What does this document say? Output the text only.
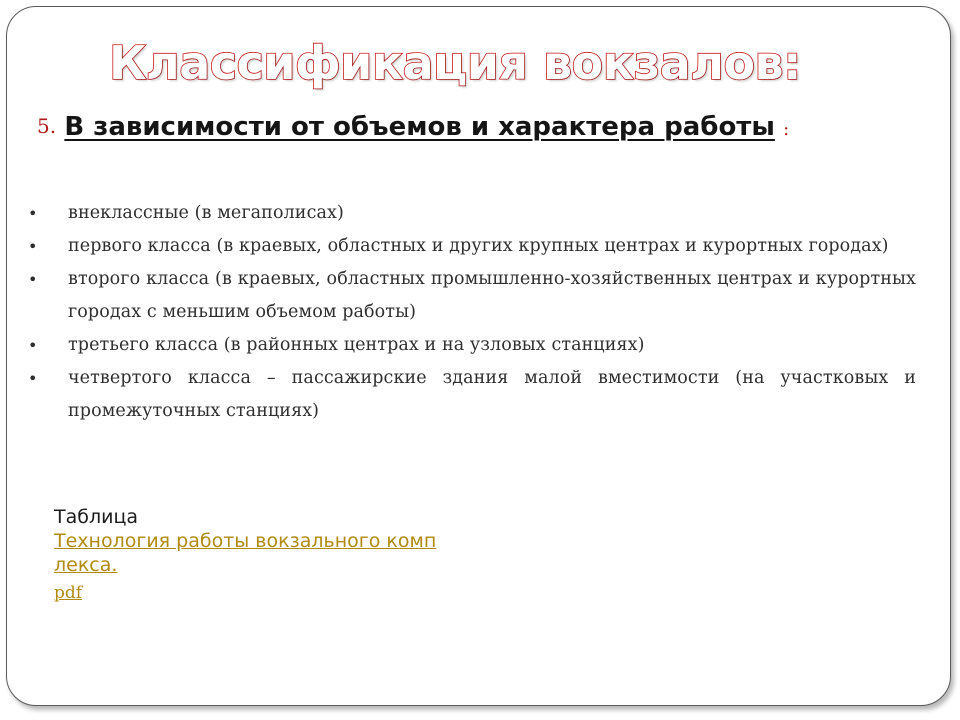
Классификация вокзалов:
5. В зависимости от объемов и характера работы :
•	внеклассные (в мегаполисах)
•	первого класса (в краевых, областных и других крупных центрах и курортных городах)
•	второго класса (в краевых, областных промышленно-хозяйственных центрах и курортных городах с меньшим объемом работы)
•	третьего класса (в районных центрах и на узловых станциях)
•	четвертого класса – пассажирские здания малой вместимости (на участковых и промежуточных станциях)
Таблица
Технология работы вокзального комплекса.
pdf
